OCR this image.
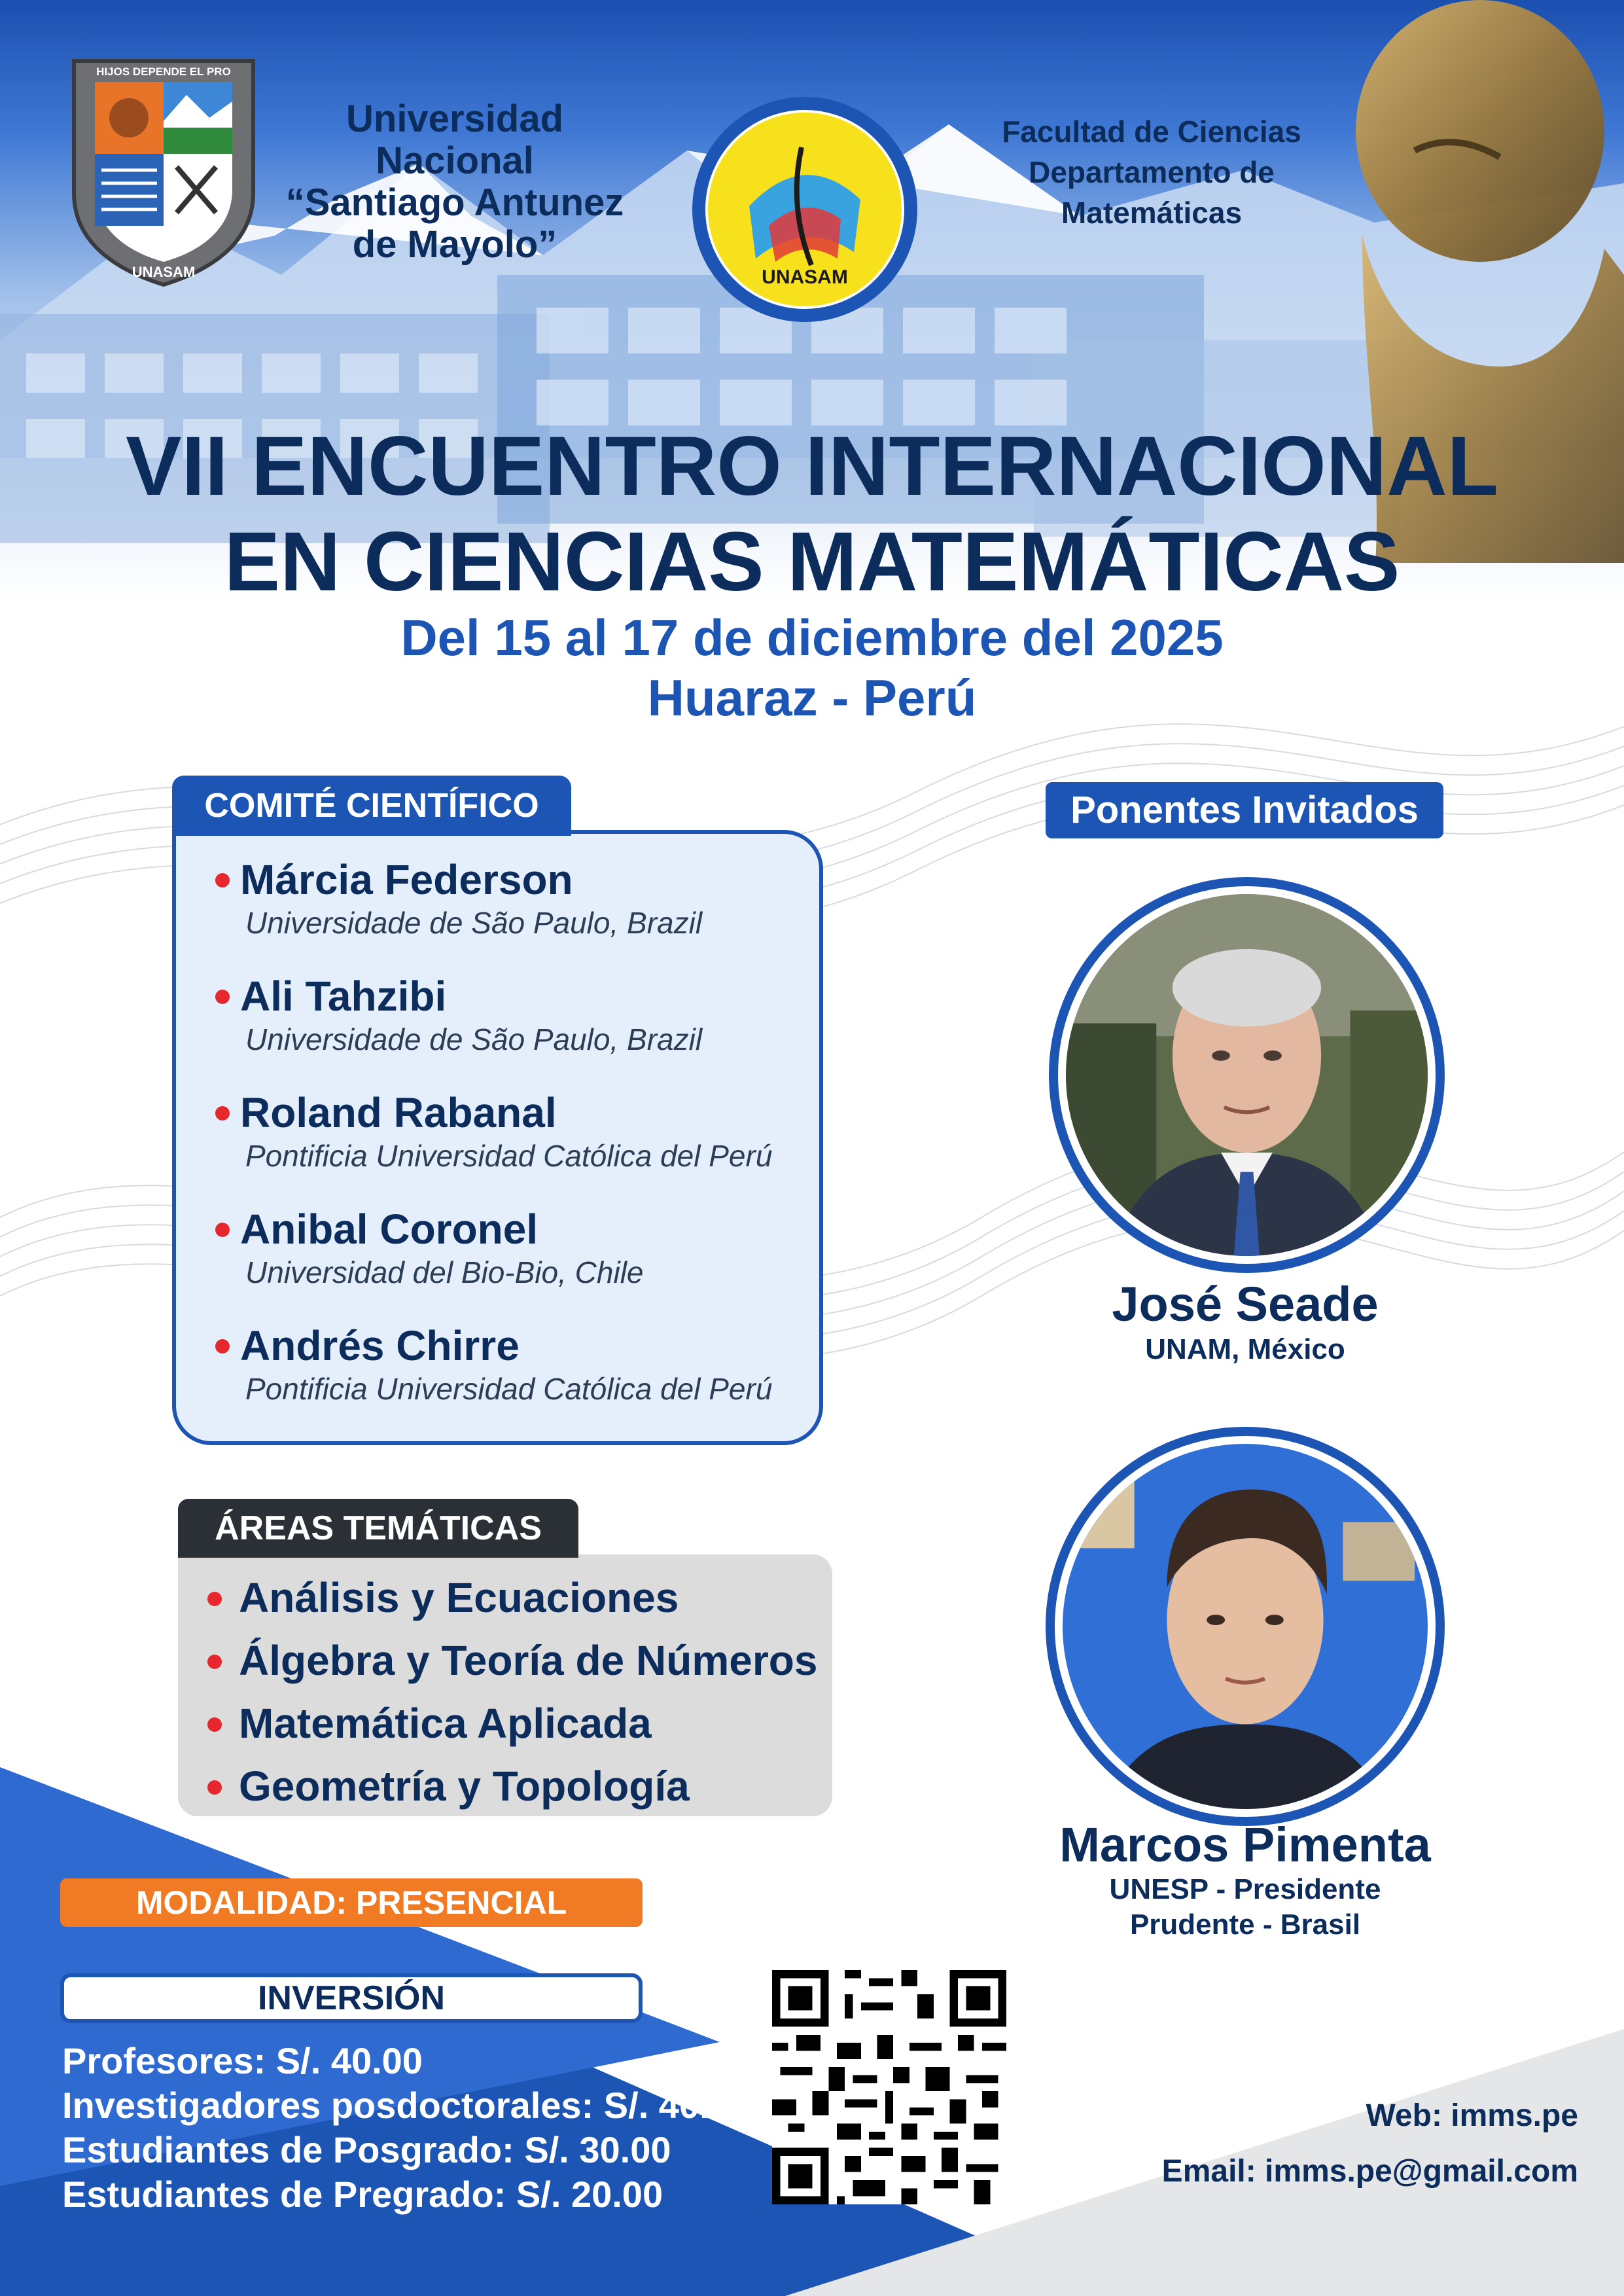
HIJOS DEPENDE EL PRO
UNASAM
Universidad Nacional
“Santiago Antunez
de Mayolo”
UNASAM
Facultad de Ciencias
Departamento de Matemáticas
VII ENCUENTRO INTERNACIONAL
EN CIENCIAS MATEMÁTICAS
Del 15 al 17 de diciembre del 2025
Huaraz - Perú
Márcia Federson
Universidade de São Paulo, Brazil
Ali Tahzibi
Universidade de São Paulo, Brazil
Roland Rabanal
Pontificia Universidad Católica del Perú
Anibal Coronel
Universidad del Bio-Bio, Chile
Andrés Chirre
Pontificia Universidad Católica del Perú
COMITÉ CIENTÍFICO
Análisis y Ecuaciones
Álgebra y Teoría de Números
Matemática Aplicada
Geometría y Topología
ÁREAS TEMÁTICAS
Ponentes Invitados
José Seade
UNAM, México
Marcos Pimenta
UNESP - Presidente
Prudente - Brasil
MODALIDAD: PRESENCIAL
INVERSIÓN
Profesores: S/. 40.00
Investigadores posdoctorales: S/. 40.00
Estudiantes de Posgrado: S/. 30.00
Estudiantes de Pregrado: S/. 20.00
Web: imms.pe
Email: imms.pe@gmail.com
